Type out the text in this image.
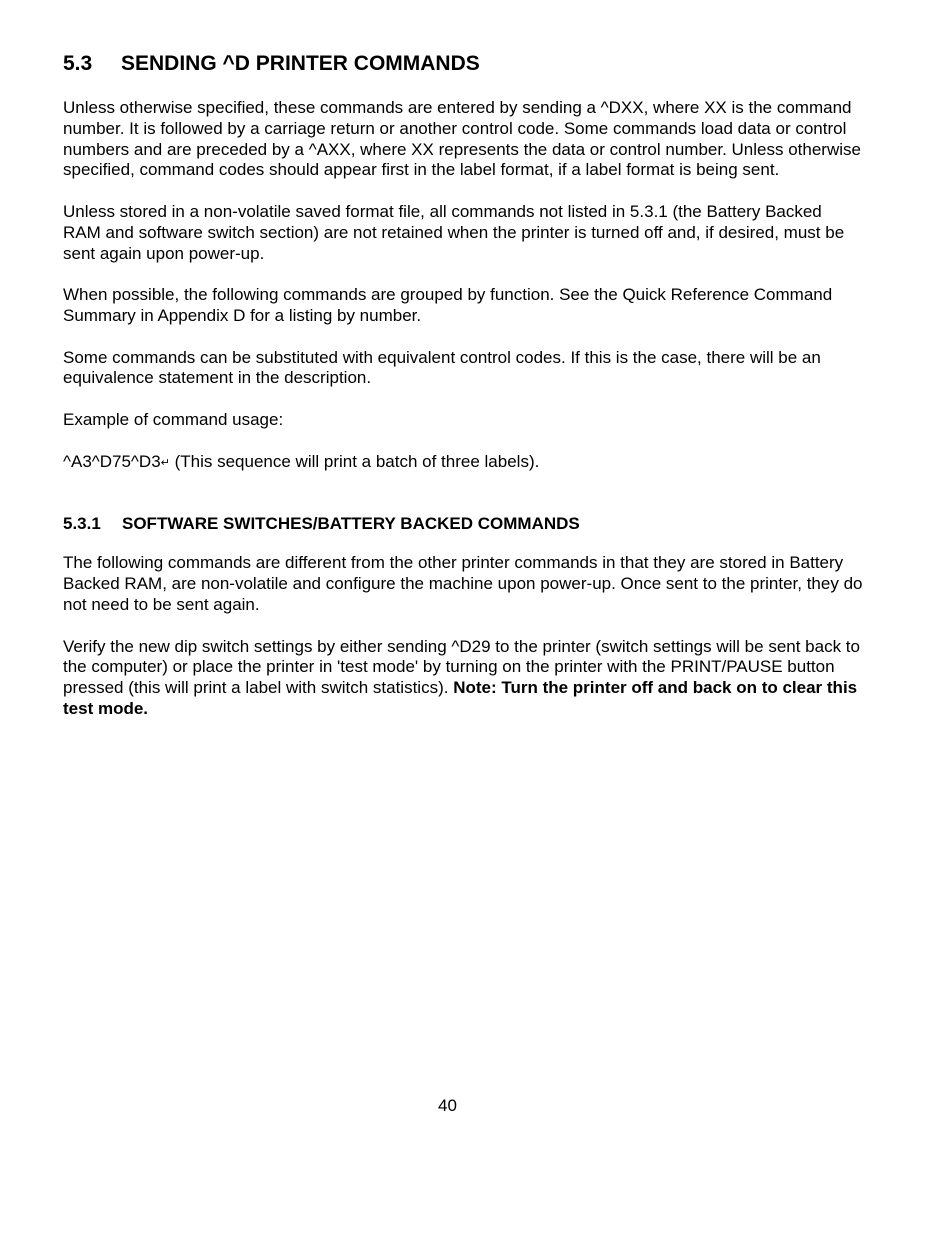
5.3 SENDING ^D PRINTER COMMANDS

Unless otherwise specified, these commands are entered by sending a ^DXX, where XX is the command number. It is followed by a carriage return or another control code. Some commands load data or control numbers and are preceded by a ^AXX, where XX represents the data or control number. Unless otherwise specified, command codes should appear first in the label format, if a label format is being sent.

Unless stored in a non-volatile saved format file, all commands not listed in 5.3.1 (the Battery Backed RAM and software switch section) are not retained when the printer is turned off and, if desired, must be sent again upon power-up.

When possible, the following commands are grouped by function. See the Quick Reference Command Summary in Appendix D for a listing by number.

Some commands can be substituted with equivalent control codes. If this is the case, there will be an equivalence statement in the description.

Example of command usage:

^A3^D75^D3↵ (This sequence will print a batch of three labels).

5.3.1 SOFTWARE SWITCHES/BATTERY BACKED COMMANDS

The following commands are different from the other printer commands in that they are stored in Battery Backed RAM, are non-volatile and configure the machine upon power-up. Once sent to the printer, they do not need to be sent again.

Verify the new dip switch settings by either sending ^D29 to the printer (switch settings will be sent back to the computer) or place the printer in 'test mode' by turning on the printer with the PRINT/PAUSE button pressed (this will print a label with switch statistics). Note: Turn the printer off and back on to clear this test mode.

40
